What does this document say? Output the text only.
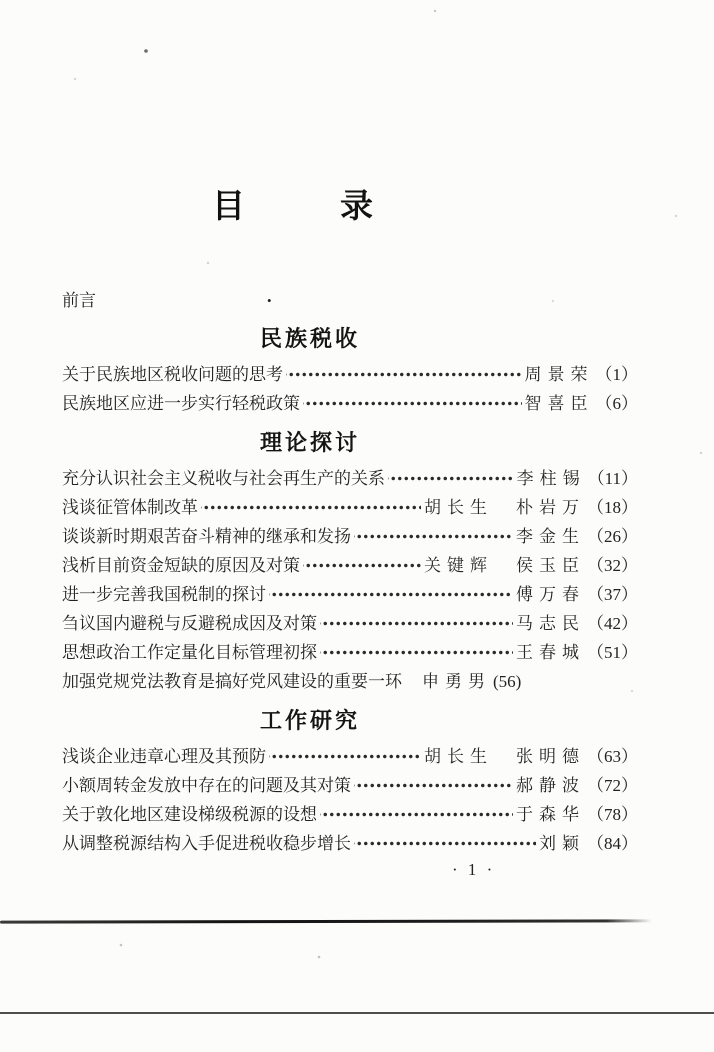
目	录
前言	•
民族税收
关于民族地区税收问题的思考	周景荣 （1）
民族地区应进一步实行轻税政策	智喜臣 （6）
理论探讨
充分认识社会主义税收与社会再生产的关系	李柱锡 （11）
浅谈征管体制改革	胡长生　朴岩万 （18）
谈谈新时期艰苦奋斗精神的继承和发扬	李金生 （26）
浅析目前资金短缺的原因及对策	关键辉　侯玉臣 （32）
进一步完善我国税制的探讨	傅万春 （37）
刍议国内避税与反避税成因及对策	马志民 （42）
思想政治工作定量化目标管理初探	王春城 （51）
加强党规党法教育是搞好党风建设的重要一环 申勇男 (56)
工作研究
浅谈企业违章心理及其预防	胡长生　张明德 （63）
小额周转金发放中存在的问题及其对策	郝静波 （72）
关于敦化地区建设梯级税源的设想	于森华 （78）
从调整税源结构入手促进税收稳步增长	刘颖 （84）
· 1 ·
